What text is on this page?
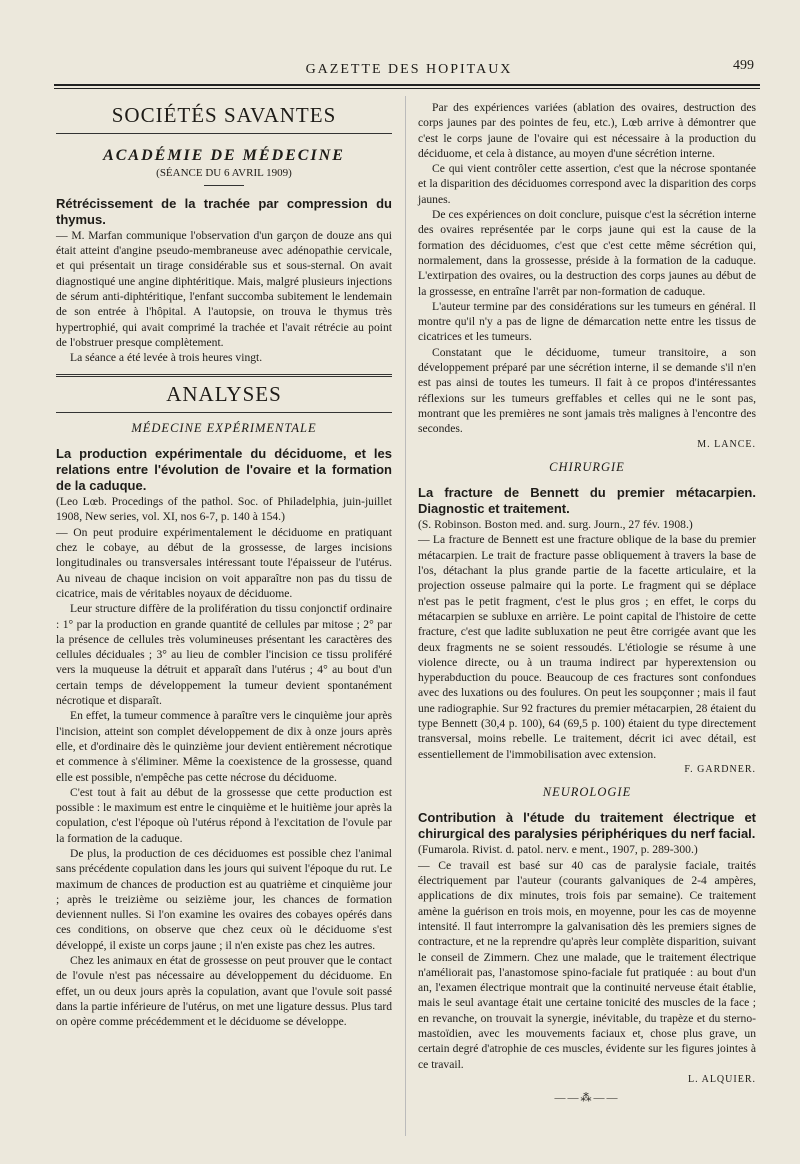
GAZETTE DES HOPITAUX	499
SOCIÉTÉS SAVANTES
ACADÉMIE DE MÉDECINE
(SÉANCE DU 6 AVRIL 1909)
Rétrécissement de la trachée par compression du thymus.

— M. Marfan communique l'observation d'un garçon de douze ans qui était atteint d'angine pseudo-membraneuse avec adénopathie cervicale, et qui présentait un tirage considérable sus et sous-sternal. On avait diagnostiqué une angine diphtéritique. Mais, malgré plusieurs injections de sérum anti-diphtéritique, l'enfant succomba subitement le lendemain de son entrée à l'hôpital. A l'autopsie, on trouva le thymus très hypertrophié, qui avait comprimé la trachée et l'avait rétrécie au point de l'obstruer presque complètement.

La séance a été levée à trois heures vingt.

ANALYSES
MÉDECINE EXPÉRIMENTALE
La production expérimentale du déciduome, et les relations entre l'évolution de l'ovaire et la formation de la caduque.

(Leo Lœb. Procedings of the pathol. Soc. of Philadelphia, juin-juillet 1908, New series, vol. XI, nos 6-7, p. 140 à 154.)

— On peut produire expérimentalement le déciduome en pratiquant chez le cobaye, au début de la grossesse, de larges incisions longitudinales ou transversales intéressant toute l'épaisseur de l'utérus. Au niveau de chaque incision on voit apparaître non pas du tissu de cicatrice, mais de véritables noyaux de déciduome.

Leur structure diffère de la prolifération du tissu conjonctif ordinaire : 1° par la production en grande quantité de cellules par mitose ; 2° par la présence de cellules très volumineuses présentant les caractères des cellules déciduales ; 3° au lieu de combler l'incision ce tissu proliféré vers la muqueuse la détruit et apparaît dans l'utérus ; 4° au bout d'un certain temps de développement la tumeur devient spontanément nécrotique et disparaît.

En effet, la tumeur commence à paraître vers le cinquième jour après l'incision, atteint son complet développement de dix à onze jours après elle, et d'ordinaire dès le quinzième jour devient entièrement nécrotique et commence à s'éliminer. Même la coexistence de la grossesse, quand elle est possible, n'empêche pas cette nécrose du déciduome.

C'est tout à fait au début de la grossesse que cette production est possible : le maximum est entre le cinquième et le huitième jour après la copulation, c'est l'époque où l'utérus répond à l'excitation de l'ovule par la formation de la caduque.

De plus, la production de ces déciduomes est possible chez l'animal sans précédente copulation dans les jours qui suivent l'époque du rut. Le maximum de chances de production est au quatrième et cinquième jour ; après le treizième ou seizième jour, les chances de formation deviennent nulles. Si l'on examine les ovaires des cobayes opérés dans ces conditions, on observe que chez ceux où le déciduome s'est développé, il existe un corps jaune ; il n'en existe pas chez les autres.

Chez les animaux en état de grossesse on peut prouver que le contact de l'ovule n'est pas nécessaire au développement du déciduome. En effet, un ou deux jours après la copulation, avant que l'ovule soit passé dans la partie inférieure de l'utérus, on met une ligature dessus. Plus tard on opère comme précédemment et le déciduome se développe.

Par des expériences variées (ablation des ovaires, destruction des corps jaunes par des pointes de feu, etc.), Lœb arrive à démontrer que c'est le corps jaune de l'ovaire qui est nécessaire à la production du déciduome, et cela à distance, au moyen d'une sécrétion interne.

Ce qui vient contrôler cette assertion, c'est que la nécrose spontanée et la disparition des déciduomes correspond avec la disparition des corps jaunes.

De ces expériences on doit conclure, puisque c'est la sécrétion interne des ovaires représentée par le corps jaune qui est la cause de la formation des déciduomes, c'est que c'est cette même sécrétion qui, normalement, dans la grossesse, préside à la formation de la caduque. L'extirpation des ovaires, ou la destruction des corps jaunes au début de la grossesse, en entraîne l'arrêt par non-formation de caduque.

L'auteur termine par des considérations sur les tumeurs en général. Il montre qu'il n'y a pas de ligne de démarcation nette entre les tissus de cicatrices et les tumeurs.

Constatant que le déciduome, tumeur transitoire, a son développement préparé par une sécrétion interne, il se demande s'il n'en est pas ainsi de toutes les tumeurs. Il fait à ce propos d'intéressantes réflexions sur les tumeurs greffables et celles qui ne le sont pas, montrant que les premières ne sont jamais très malignes à l'encontre des secondes.

M. LANCE.
CHIRURGIE
La fracture de Bennett du premier métacarpien. Diagnostic et traitement.

(S. Robinson. Boston med. and. surg. Journ., 27 fév. 1908.)

— La fracture de Bennett est une fracture oblique de la base du premier métacarpien. Le trait de fracture passe obliquement à travers la base de l'os, détachant la plus grande partie de la facette articulaire, et la projection osseuse palmaire qui la porte. Le fragment qui se déplace n'est pas le petit fragment, c'est le plus gros ; en effet, le corps du métacarpien se subluxe en arrière. Le point capital de l'histoire de cette fracture, c'est que ladite subluxation ne peut être corrigée avant que les deux fragments ne se soient ressoudés. L'étiologie se résume à une violence directe, ou à un trauma indirect par hyperextension ou hyperabduction du pouce. Beaucoup de ces fractures sont confondues avec des luxations ou des foulures. On peut les soupçonner ; mais il faut une radiographie. Sur 92 fractures du premier métacarpien, 28 étaient du type Bennett (30,4 p. 100), 64 (69,5 p. 100) étaient du type directement transversal, moins rebelle. Le traitement, décrit ici avec détail, est essentiellement de l'immobilisation avec extension.

F. GARDNER.
NEUROLOGIE
Contribution à l'étude du traitement électrique et chirurgical des paralysies périphériques du nerf facial.

(Fumarola. Rivist. d. patol. nerv. e ment., 1907, p. 289-300.)

— Ce travail est basé sur 40 cas de paralysie faciale, traités électriquement par l'auteur (courants galvaniques de 2-4 ampères, applications de dix minutes, trois fois par semaine). Ce traitement amène la guérison en trois mois, en moyenne, pour les cas de moyenne intensité. Il faut interrompre la galvanisation dès les premiers signes de contracture, et ne la reprendre qu'après leur complète disparition, suivant le conseil de Zimmern. Chez une malade, que le traitement électrique n'améliorait pas, l'anastomose spino-faciale fut pratiquée : au bout d'un an, l'examen électrique montrait que la continuité nerveuse était établie, mais le seul avantage était une certaine tonicité des muscles de la face ; en revanche, on trouvait la synergie, inévitable, du trapèze et du sterno-mastoïdien, avec les mouvements faciaux et, chose plus grave, un certain degré d'atrophie de ces muscles, évidente sur les figures jointes à ce travail.

L. ALQUIER.
——⁂——
